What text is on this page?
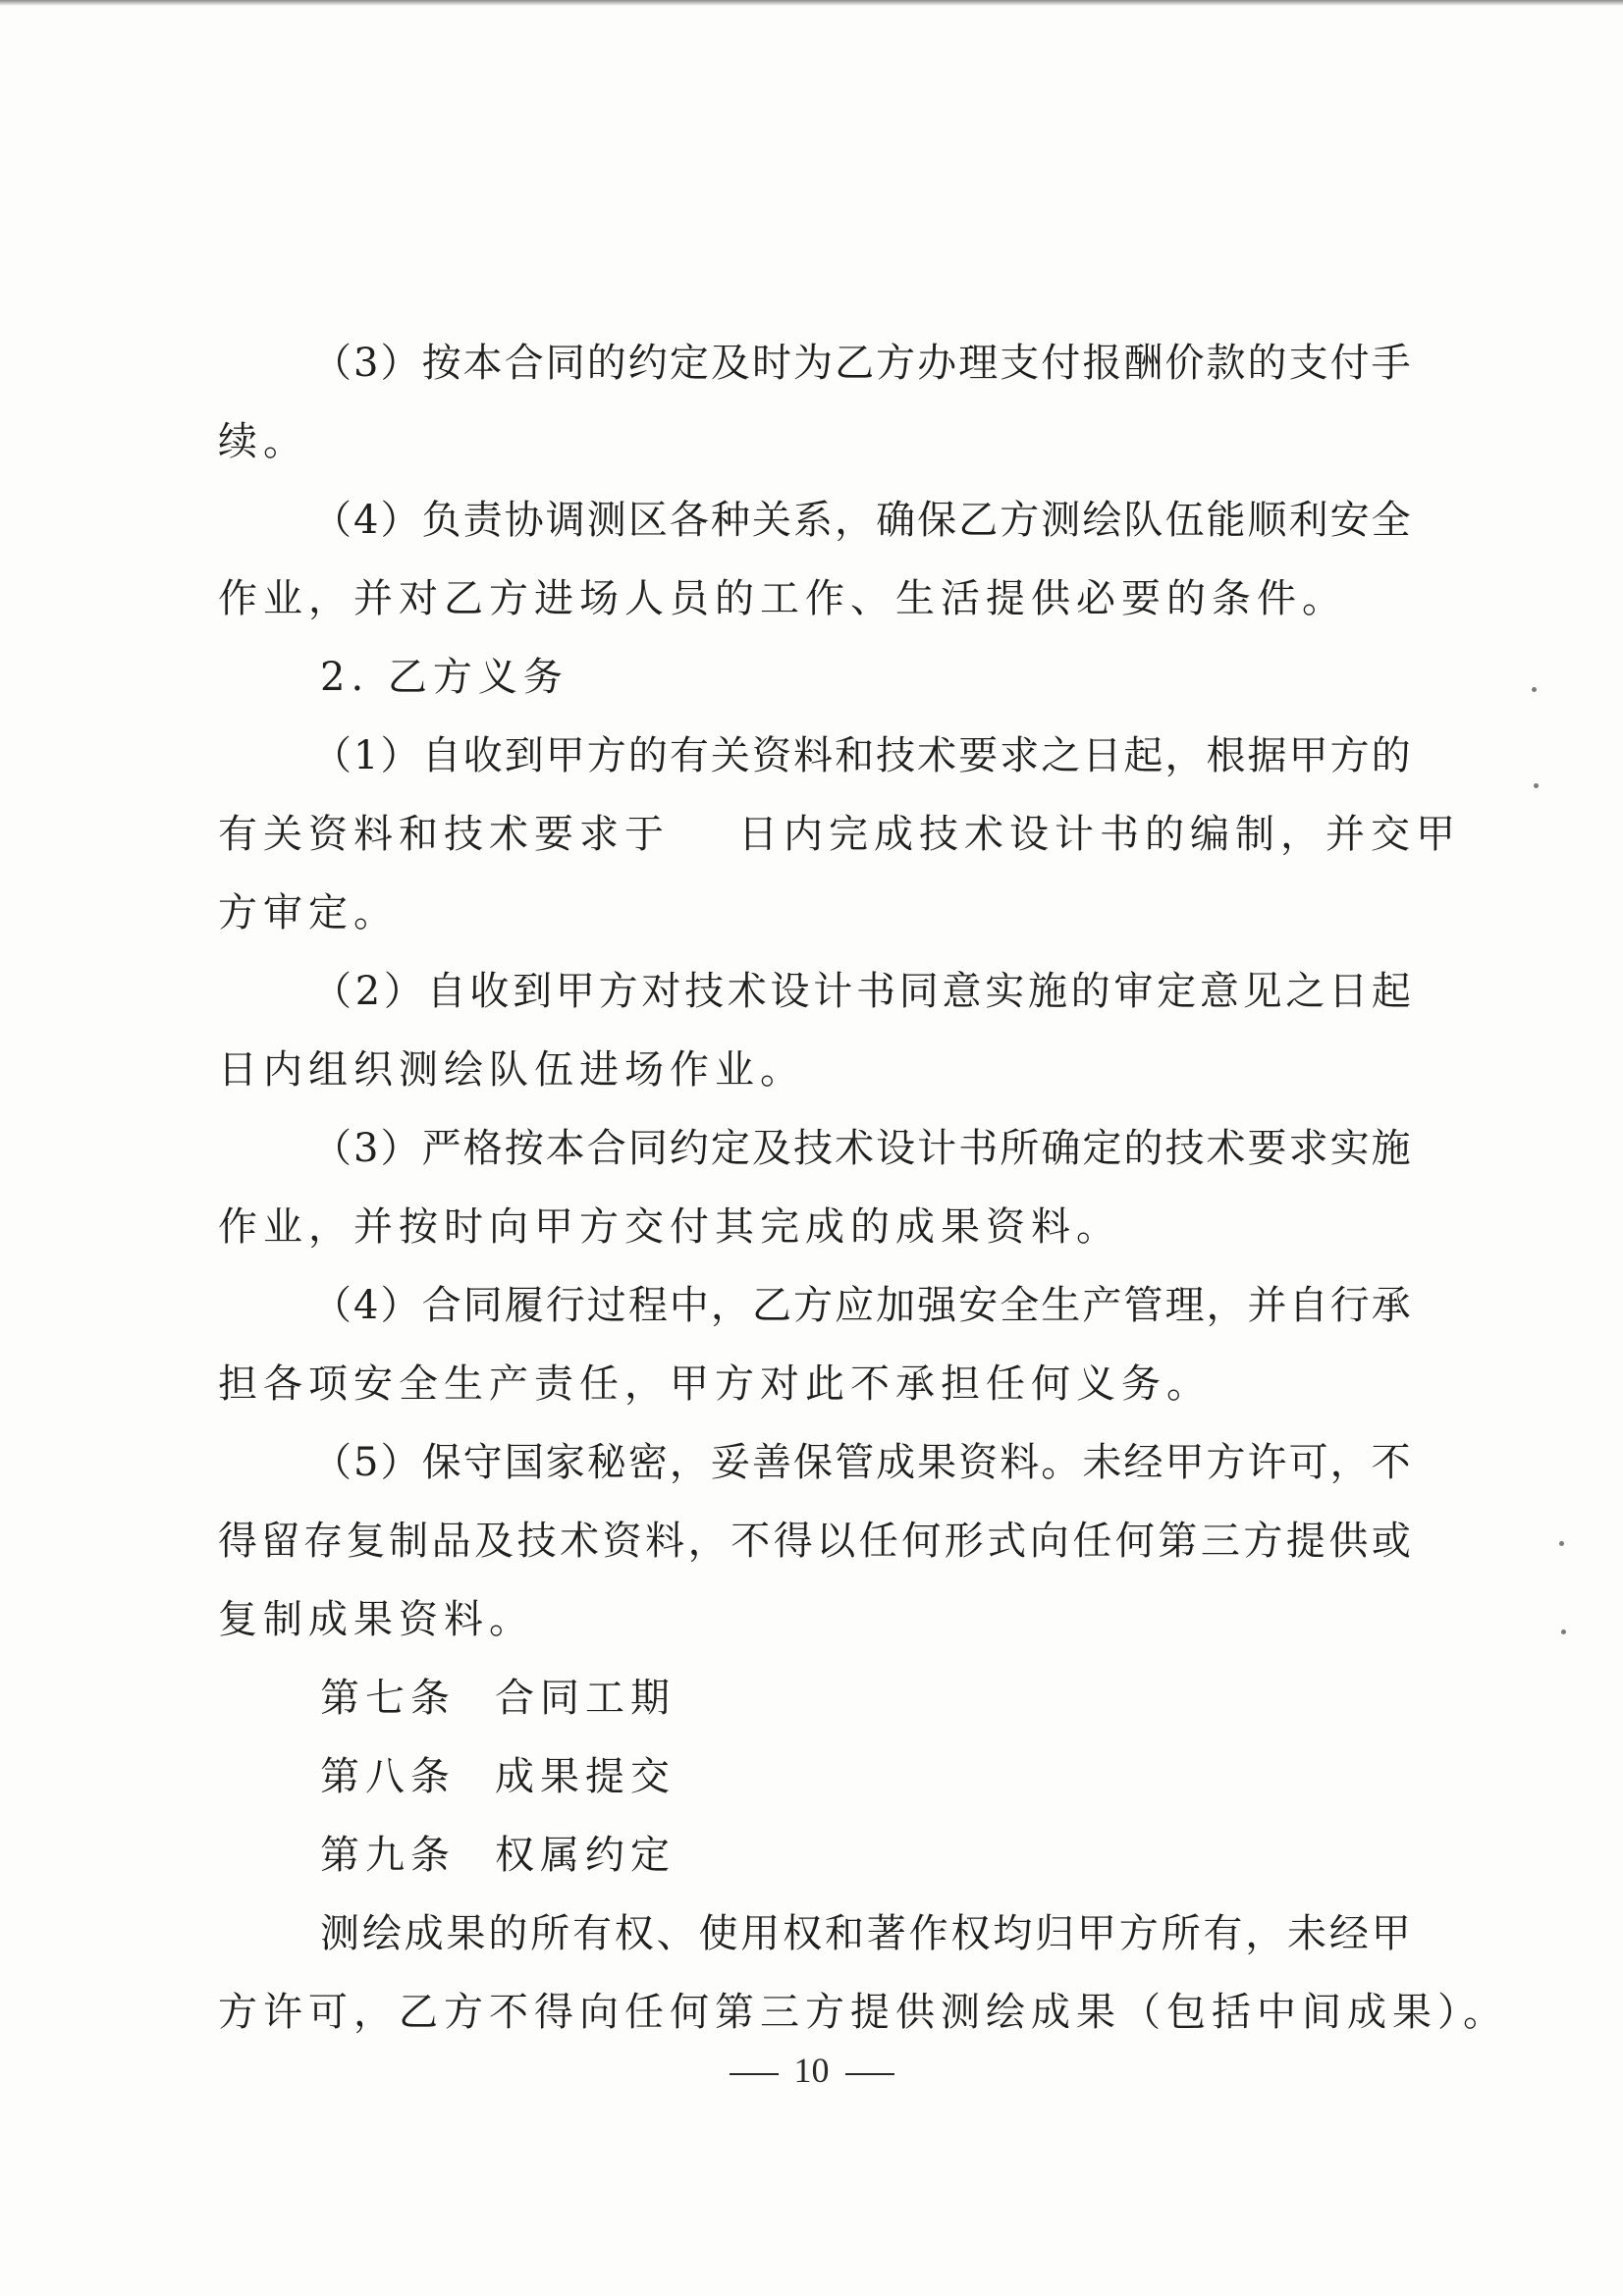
（ 3 ） 按 本 合 同 的 约 定 及 时 为 乙 方 办 理 支 付 报 酬 价 款 的 支 付 手
续。
（ 4 ） 负 责 协 调 测 区 各 种 关 系 ， 确 保 乙 方 测 绘 队 伍 能 顺 利 安 全
作业，并对乙方进场人员的工作、生活提供必要的条件。
2. 乙方义务
（ 1 ） 自 收 到 甲 方 的 有 关 资 料 和 技 术 要 求 之 日 起 ， 根 据 甲 方 的
有关资料和技术要求于 日内完成技术设计书的编制，并交甲
方审定。
（ 2 ） 自 收 到 甲 方 对 技 术 设 计 书 同 意 实 施 的 审 定 意 见 之 日 起
日内组织测绘队伍进场作业。
（ 3 ） 严 格 按 本 合 同 约 定 及 技 术 设 计 书 所 确 定 的 技 术 要 求 实 施
作业，并按时向甲方交付其完成的成果资料。
（ 4 ） 合 同 履 行 过 程 中 ， 乙 方 应 加 强 安 全 生 产 管 理 ， 并 自 行 承
担各项安全生产责任，甲方对此不承担任何义务。
（ 5 ） 保 守 国 家 秘 密 ， 妥 善 保 管 成 果 资 料 。 未 经 甲 方 许 可 ， 不
得 留 存 复 制 品 及 技 术 资 料 ， 不 得 以 任 何 形 式 向 任 何 第 三 方 提 供 或
复制成果资料。
第七条 合同工期
第八条 成果提交
第九条 权属约定
测 绘 成 果 的 所 有 权 、 使 用 权 和 著 作 权 均 归 甲 方 所 有 ， 未 经 甲
方许可，乙方不得向任何第三方提供测绘成果（包括中间成果）。
10
